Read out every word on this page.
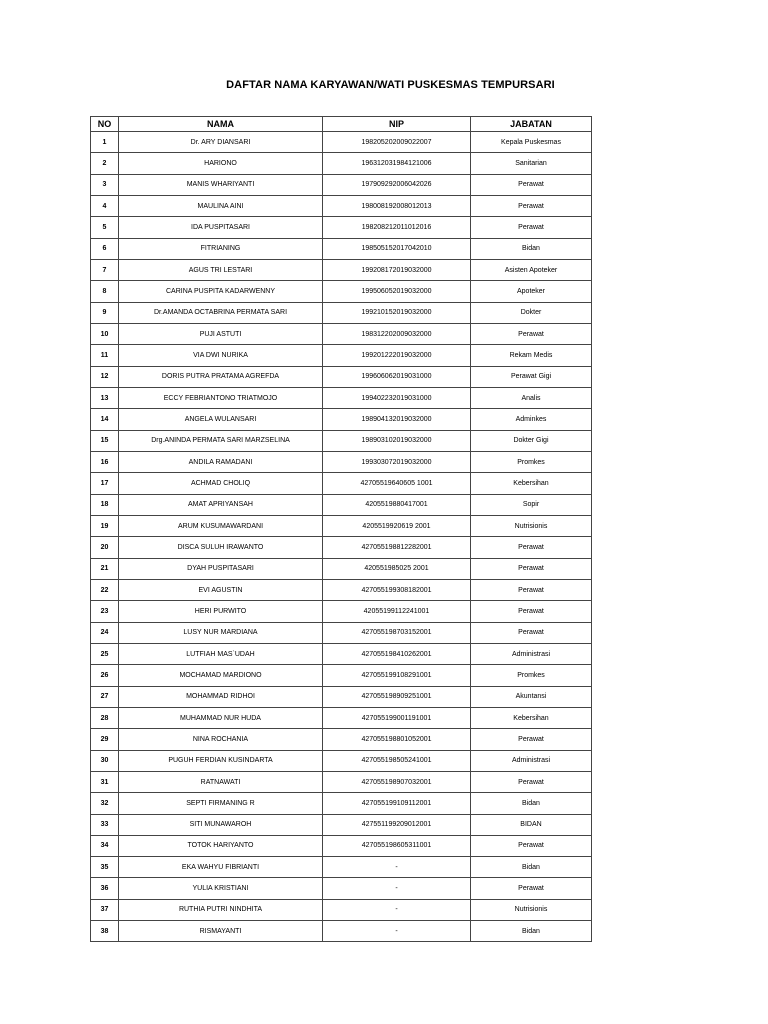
DAFTAR NAMA KARYAWAN/WATI PUSKESMAS TEMPURSARI
NO	NAMA	NIP	JABATAN
1	Dr. ARY DIANSARI	198205202009022007	Kepala Puskesmas
2	HARIONO	196312031984121006	Sanitarian
3	MANIS WHARIYANTI	197909292006042026	Perawat
4	MAULINA AINI	198008192008012013	Perawat
5	IDA PUSPITASARI	198208212011012016	Perawat
6	FITRIANING	198505152017042010	Bidan
7	AGUS TRI LESTARI	199208172019032000	Asisten Apoteker
8	CARINA PUSPITA KADARWENNY	199506052019032000	Apoteker
9	Dr.AMANDA OCTABRINA PERMATA SARI	199210152019032000	Dokter
10	PUJI ASTUTI	198312202009032000	Perawat
11	VIA DWI NURIKA	199201222019032000	Rekam Medis
12	DORIS PUTRA PRATAMA AGREFDA	199606062019031000	Perawat Gigi
13	ECCY FEBRIANTONO TRIATMOJO	199402232019031000	Analis
14	ANGELA WULANSARI	198904132019032000	Adminkes
15	Drg.ANINDA PERMATA SARI MARZSELINA	198903102019032000	Dokter Gigi
16	ANDILA RAMADANI	199303072019032000	Promkes
17	ACHMAD CHOLIQ	42705519640605 1001	Kebersihan
18	AMAT APRIYANSAH	4205519880417001	Sopir
19	ARUM KUSUMAWARDANI	4205519920619 2001	Nutrisionis
20	DISCA SULUH IRAWANTO	427055198812282001	Perawat
21	DYAH PUSPITASARI	420551985025 2001	Perawat
22	EVI AGUSTIN	427055199308182001	Perawat
23	HERI PURWITO	42055199112241001	Perawat
24	LUSY NUR MARDIANA	427055198703152001	Perawat
25	LUTFIAH MAS`UDAH	427055198410262001	Administrasi
26	MOCHAMAD MARDIONO	427055199108291001	Promkes
27	MOHAMMAD RIDHOI	427055198909251001	Akuntansi
28	MUHAMMAD NUR HUDA	427055199001191001	Kebersihan
29	NINA ROCHANIA	427055198801052001	Perawat
30	PUGUH FERDIAN KUSINDARTA	427055198505241001	Administrasi
31	RATNAWATI	427055198907032001	Perawat
32	SEPTI FIRMANING R	427055199109112001	Bidan
33	SITI MUNAWAROH	427551199209012001	BIDAN
34	TOTOK HARIYANTO	427055198605311001	Perawat
35	EKA WAHYU FIBRIANTI	-	Bidan
36	YULIA KRISTIANI	-	Perawat
37	RUTHIA PUTRI NINDHITA	-	Nutrisionis
38	RISMAYANTI	-	Bidan
